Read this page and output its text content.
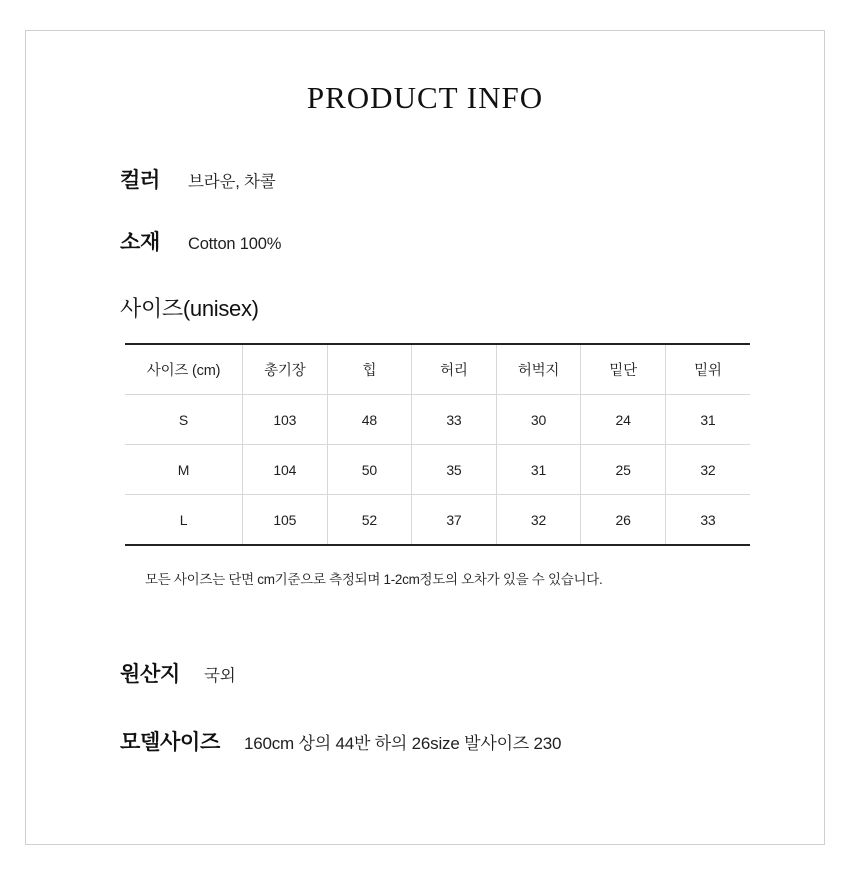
PRODUCT INFO
컬러 브라운, 차콜
소재 Cotton 100%
사이즈(unisex)
사이즈 (cm)	총기장	힙	허리	허벅지	밑단	밑위
S	103	48	33	30	24	31
M	104	50	35	31	25	32
L	105	52	37	32	26	33
모든 사이즈는 단면 cm기준으로 측정되며 1-2cm정도의 오차가 있을 수 있습니다.
원산지 국외
모델사이즈 160cm 상의 44반 하의 26size 발사이즈 230
